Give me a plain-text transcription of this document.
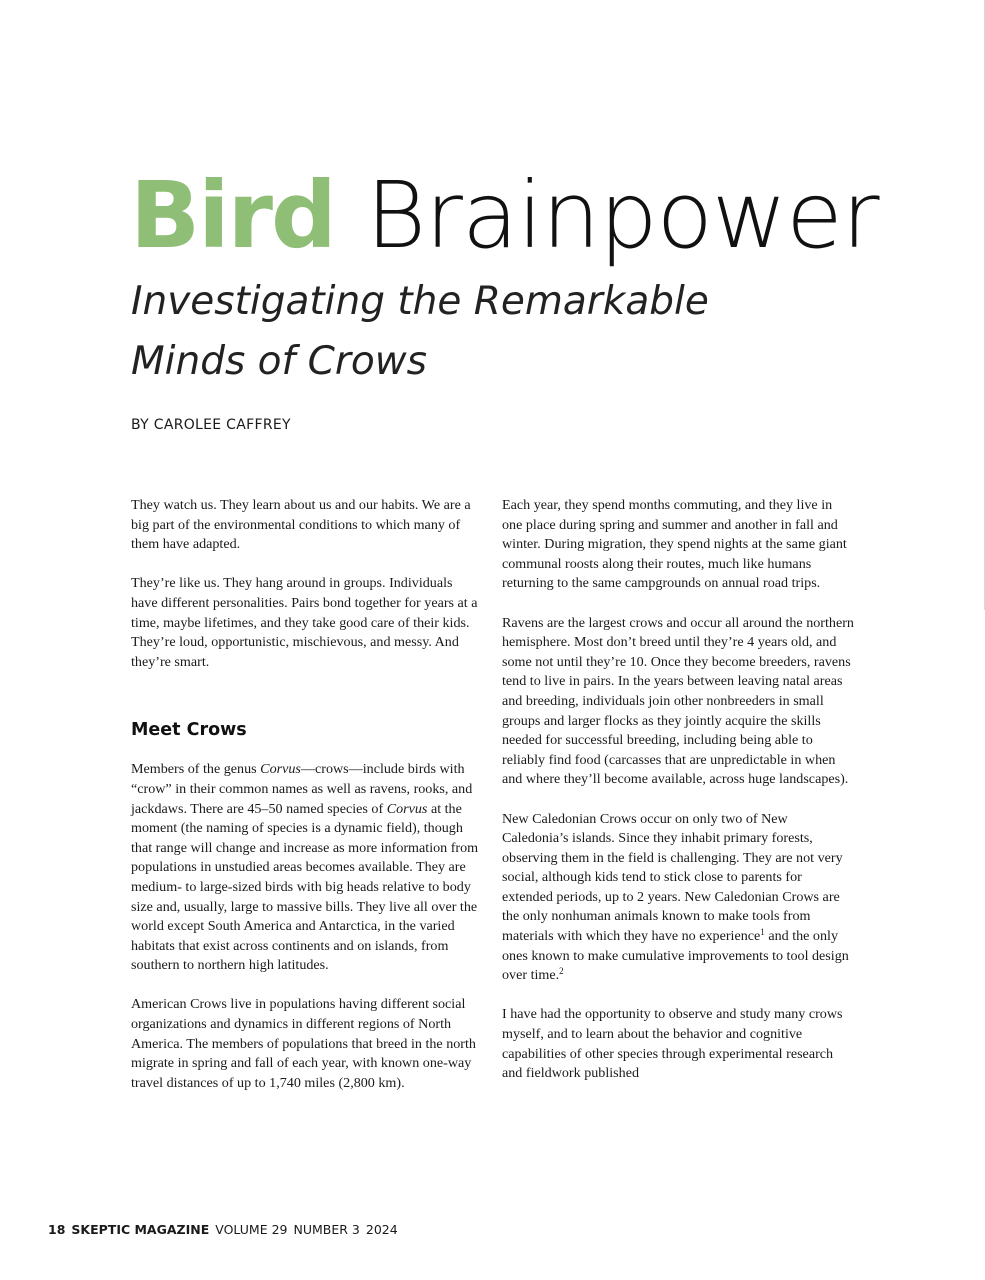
Bird Brainpower
Investigating the Remarkable
Minds of Crows
BY CAROLEE CAFFREY

They watch us. They learn about us and our habits. We are a big part of the environmental conditions to which many of them have adapted.

They’re like us. They hang around in groups. Individuals have different personalities. Pairs bond together for years at a time, maybe lifetimes, and they take good care of their kids. They’re loud, opportunistic, mischievous, and messy. And they’re smart.

Meet Crows

Members of the genus Corvus—crows—include birds with “crow” in their common names as well as ravens, rooks, and jackdaws. There are 45–50 named species of Corvus at the moment (the naming of species is a dynamic field), though that range will change and increase as more information from populations in unstudied areas becomes available. They are medium- to large-sized birds with big heads relative to body size and, usually, large to massive bills. They live all over the world except South America and Antarctica, in the varied habitats that exist across continents and on islands, from southern to northern high latitudes.

American Crows live in populations having different social organizations and dynamics in different regions of North America. The members of populations that breed in the north migrate in spring and fall of each year, with known one-way travel distances of up to 1,740 miles (2,800 km).

Each year, they spend months commuting, and they live in one place during spring and summer and another in fall and winter. During migration, they spend nights at the same giant communal roosts along their routes, much like humans returning to the same campgrounds on annual road trips.

Ravens are the largest crows and occur all around the northern hemisphere. Most don’t breed until they’re 4 years old, and some not until they’re 10. Once they become breeders, ravens tend to live in pairs. In the years between leaving natal areas and breeding, individuals join other nonbreeders in small groups and larger flocks as they jointly acquire the skills needed for successful breeding, including being able to reliably find food (carcasses that are unpredictable in when and where they’ll become available, across huge landscapes).

New Caledonian Crows occur on only two of New Caledonia’s islands. Since they inhabit primary forests, observing them in the field is challenging. They are not very social, although kids tend to stick close to parents for extended periods, up to 2 years. New Caledonian Crows are the only nonhuman animals known to make tools from materials with which they have no experience$^1$ and the only ones known to make cumulative improvements to tool design over time.$^2$

I have had the opportunity to observe and study many crows myself, and to learn about the behavior and cognitive capabilities of other species through experimental research and fieldwork published

18 SKEPTIC MAGAZINE VOLUME 29 NUMBER 3 2024
